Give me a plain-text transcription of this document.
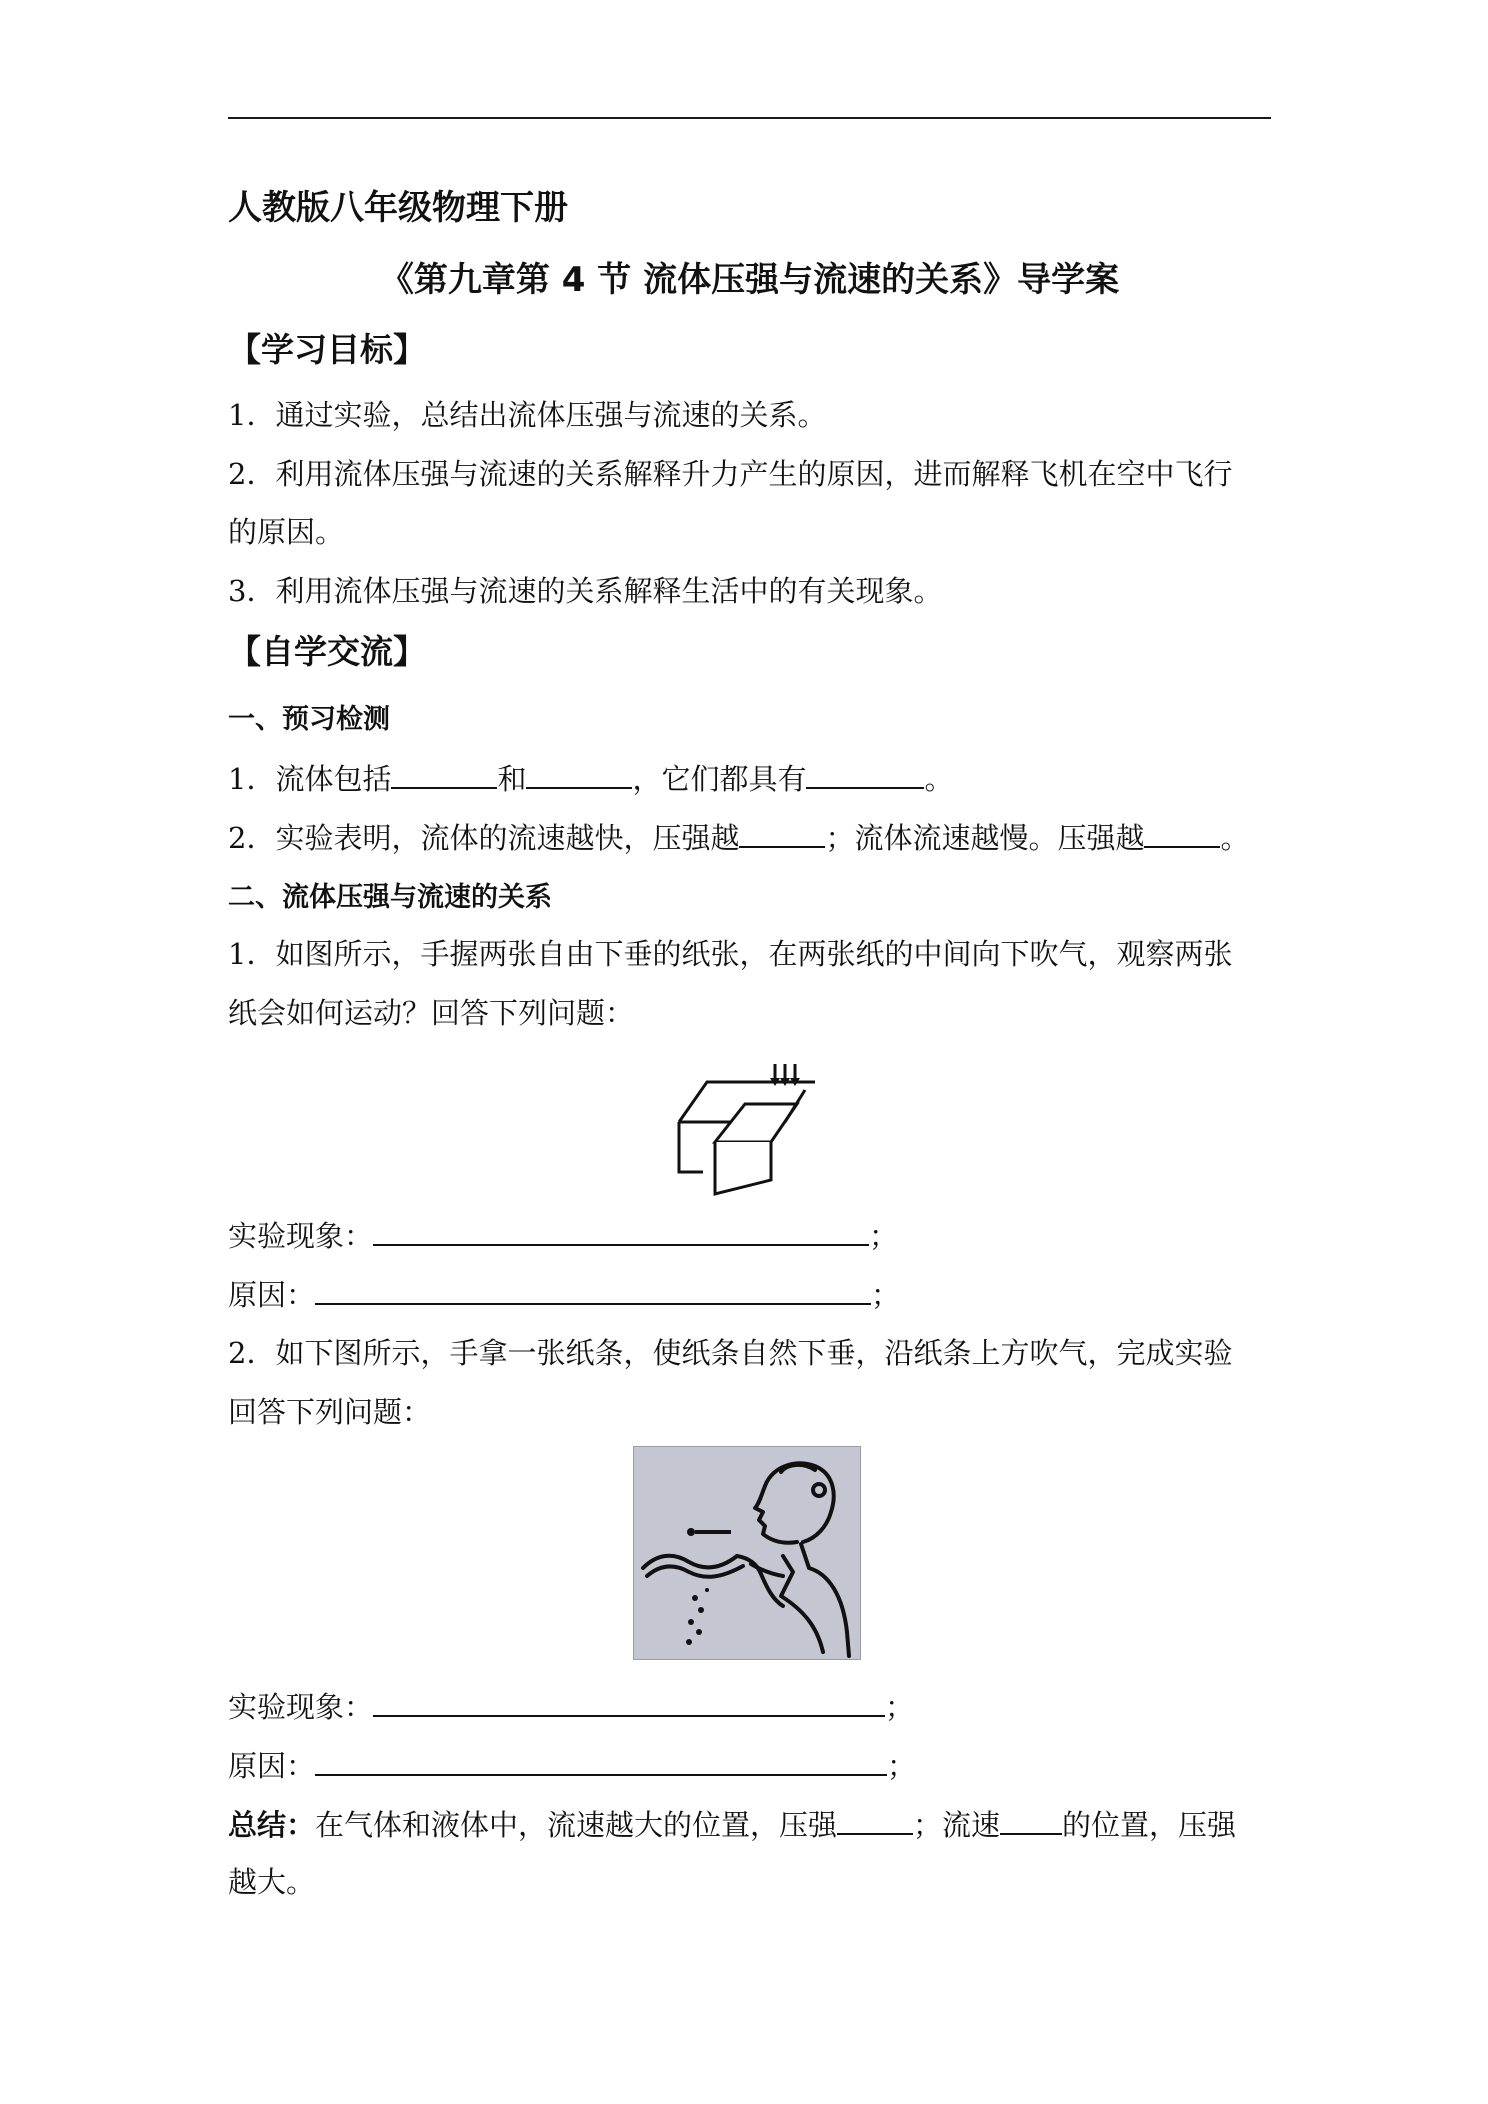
人教版八年级物理下册
《第九章第 4 节 流体压强与流速的关系》导学案
【学习目标】
1．通过实验，总结出流体压强与流速的关系。
2．利用流体压强与流速的关系解释升力产生的原因，进而解释飞机在空中飞行
的原因。
3．利用流体压强与流速的关系解释生活中的有关现象。
【自学交流】
一、预习检测
1．流体包括	和	，它们都具有	。
2．实验表明，流体的流速越快，压强越	；流体流速越慢。压强越	。
二、流体压强与流速的关系
1．如图所示，手握两张自由下垂的纸张，在两张纸的中间向下吹气，观察两张
纸会如何运动？回答下列问题：
实验现象：	；
原因：	；
2．如下图所示，手拿一张纸条，使纸条自然下垂，沿纸条上方吹气，完成实验
回答下列问题：
实验现象：	；
原因：	；
总结：在气体和液体中，流速越大的位置，压强	；流速 的位置，压强
越大。
